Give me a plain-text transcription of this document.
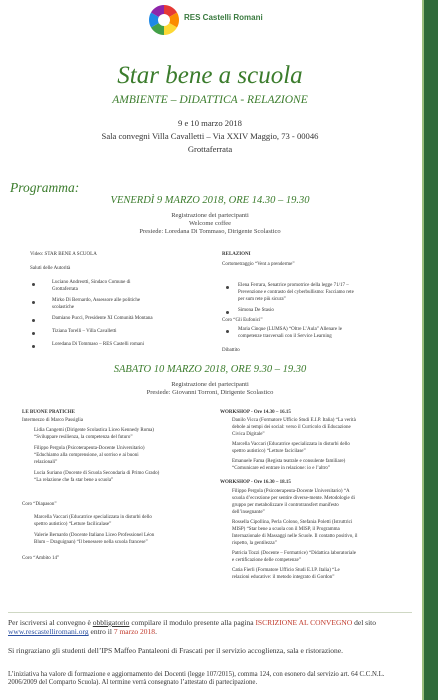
RES Castelli Romani
Star bene a scuola
AMBIENTE – DIDATTICA - RELAZIONE
9 e 10 marzo 2018
Sala convegni Villa Cavalletti – Via XXIV Maggio, 73 - 00046
Grottaferrata
Programma:
VENERDÌ 9 MARZO 2018, ORE 14.30 – 19.30
Registrazione dei partecipanti
Welcome coffee
Presiede: Loredana Di Tommaso, Dirigente Scolastico
Video: STAR BENE A SCUOLA
Saluti delle Autorità
Luciano Andreotti, Sindaco Comune di
Grottaferrata
Mirko Di Bernardo, Assessore alle politiche
scolastiche
Damiano Pucci, Presidente XI Comunità Montana
Tiziana Torelli – Villa Cavalletti
Loredana Di Tommaso – RES Castelli romani
RELAZIONI
Cortometraggio “Vent a prenderme”
Elena Ferrara, Senatrice promotrice della legge 71/17 –
Prevenzione e contrasto del cyberbullismo: Facciamo rete
per sum rete più sicura”
Simona De Stasio
Coro “Gli Eufonici”
Maria Cinque (LUMSA) “Oltre L’Aula” Allenare le
competenze trasversali con il Service Learning
Dibattito
SABATO 10 MARZO 2018, ORE 9.30 – 19.30
Registrazione dei partecipanti
Presiede: Giovanni Torroni, Dirigente Scolastico
LE BUONE PRATICHE
Intermezzo di Marco Passiglia
Lidia Cangemi (Dirigente Scolastica Liceo Kennedy Roma)
“Sviluppare resilienza, la competenza del futuro”
Filippo Pergola (Psicoterapeuta-Docente Universitario)
“Educhiamo alla comprensione, al sorriso e ai buoni
relazionali”
Lucia Suriano (Docente di Scuola Secondaria di Primo Grado)
“La relazione che fa star bene a scuola”
Coro “Diapason”
Marcella Vaccari (Educatrice specializzata in disturbi dello
spettro autistico) “Letture facilicalase”
Valerie Bernardo (Docente Italiano Liceo Professionel Léon
Blum – Draguignan) “Il benessere nella scuola francese”
Coro “Ambito 14”
WORKSHOP - Ore 14.30 – 16.15
Danilo Vicca (Formatore Ufficio Studi E.I.P. Italia) “La verità
debole ai tempi dei social: verso il Curricolo di Educazione
Civica Digitale”
Marcella Vaccari (Educatrice specializzata in disturbi dello
spettro autistico) “Letture facicilase”
Emanuele Fama (Regista teatrale e consulente familiare)
“Comunicare ed entrare in relazione: io e l’altro”
WORKSHOP - Ore 16.30 – 18.15
Filippo Pergola (Psicoterapeuta-Docente Universitario) “A
scuola d’eccezione per sentire diverse-mente. Metodologie di
gruppo per metabolizzare il controtransfert manifesto
dell’insegnante”
Rossella Cipollina, Perla Colono, Stefania Poletti (Istruttrici
MISP) “Star bene a scuola con il MISP, il Programma
Internazionale di Massaggi nelle Scuole. Il contatto positivo, il
rispetto, la gentilezza”
Patricia Tozzi (Docente – Formatrice) “Didattica laboratoriale
e certificazione delle competenze”
Catia Fierli (Formatore Ufficio Studi E.I.P. Italia) “Le
relazioni educative: il metodo integrato di Gordon”
Per iscriversi al convegno è obbligatorio compilare il modulo presente alla pagina ISCRIZIONE AL CONVEGNO del sito www.rescastelliromani.org entro il 7 marzo 2018.
Si ringraziano gli studenti dell’IPS Maffeo Pantaleoni di Frascati per il servizio accoglienza, sala e ristorazione.
L’iniziativa ha valore di formazione e aggiornamento dei Docenti (legge 107/2015), comma 124, con esonero dal servizio art. 64 C.C.N.L. 2006/2009 del Comparto Scuola). Al termine verrà consegnato l’attestato di partecipazione.
